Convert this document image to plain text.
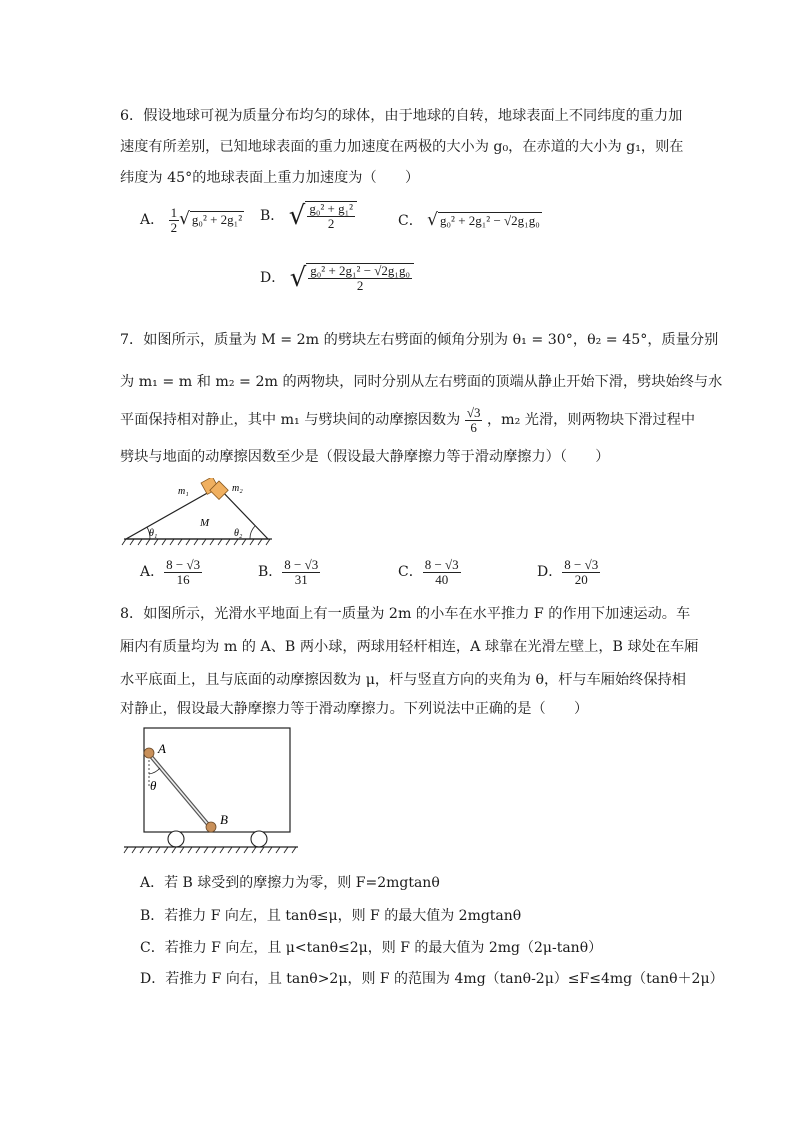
6．假设地球可视为质量分布均匀的球体，由于地球的自转，地球表面上不同纬度的重力加
速度有所差别，已知地球表面的重力加速度在两极的大小为 g₀，在赤道的大小为 g₁，则在
纬度为 45°的地球表面上重力加速度为（　　）
A． $\frac{1}{2}$ √ g₀² + 2g₁² B． √ $\frac{\text{g₀² + g₁²}}{2}$	C． √ g₀² + 2g₁² − √2g₁g₀
D． √ $\frac{\text{g₀² + 2g₁² − √2g₁g₀}}{2}$
7．如图所示，质量为 M = 2m 的劈块左右劈面的倾角分别为 θ₁ = 30°，θ₂ = 45°，质量分别
为 m₁ = m 和 m₂ = 2m 的两物块，同时分别从左右劈面的顶端从静止开始下滑，劈块始终与水
平面保持相对静止，其中 m₁ 与劈块间的动摩擦因数为 $\frac{√3}{6}$ ，m₂ 光滑，则两物块下滑过程中
劈块与地面的动摩擦因数至少是（假设最大静摩擦力等于滑动摩擦力）（　　）
m₁	m₂
M
θ₁	θ₂
A． $\frac{8 - √3}{16}$	B． $\frac{8 - √3}{31}$	C． $\frac{8 - √3}{40}$	D． $\frac{8 - √3}{20}$
8．如图所示，光滑水平地面上有一质量为 2m 的小车在水平推力 F 的作用下加速运动。车
厢内有质量均为 m 的 A、B 两小球，两球用轻杆相连，A 球靠在光滑左壁上，B 球处在车厢
水平底面上，且与底面的动摩擦因数为 μ，杆与竖直方向的夹角为 θ，杆与车厢始终保持相
对静止，假设最大静摩擦力等于滑动摩擦力。下列说法中正确的是（　　）
A
B
θ
A．若 B 球受到的摩擦力为零，则 F=2mgtanθ
B．若推力 F 向左，且 tanθ≤μ，则 F 的最大值为 2mgtanθ
C．若推力 F 向左，且 μ<tanθ≤2μ，则 F 的最大值为 2mg（2μ-tanθ）
D．若推力 F 向右，且 tanθ>2μ，则 F 的范围为 4mg（tanθ-2μ）≤F≤4mg（tanθ＋2μ）
